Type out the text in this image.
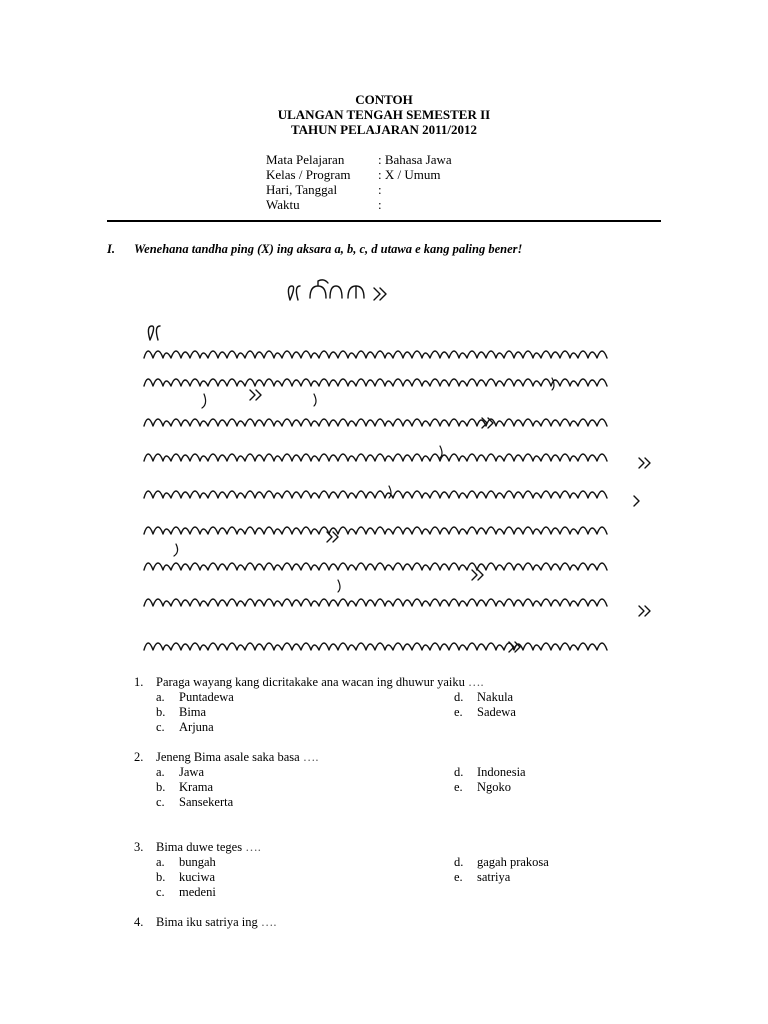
CONTOH
ULANGAN TENGAH SEMESTER II
TAHUN PELAJARAN 2011/2012
Mata Pelajaran	: Bahasa Jawa
Kelas / Program	: X / Umum
Hari, Tanggal	:
Waktu	:
I.	Wenehana tandha ping (X) ing aksara a, b, c, d utawa e kang paling bener!
1.	Paraga wayang kang dicritakake ana wacan ing dhuwur yaiku ….
a.	Puntadewa	d.	Nakula
b.	Bima	e.	Sadewa
c.	Arjuna
2.	Jeneng Bima asale saka basa ….
a.	Jawa	d.	Indonesia
b.	Krama	e.	Ngoko
c.	Sansekerta
3.	Bima duwe teges ….
a.	bungah	d.	gagah prakosa
b.	kuciwa	e.	satriya
c.	medeni
4.	Bima iku satriya ing ….
